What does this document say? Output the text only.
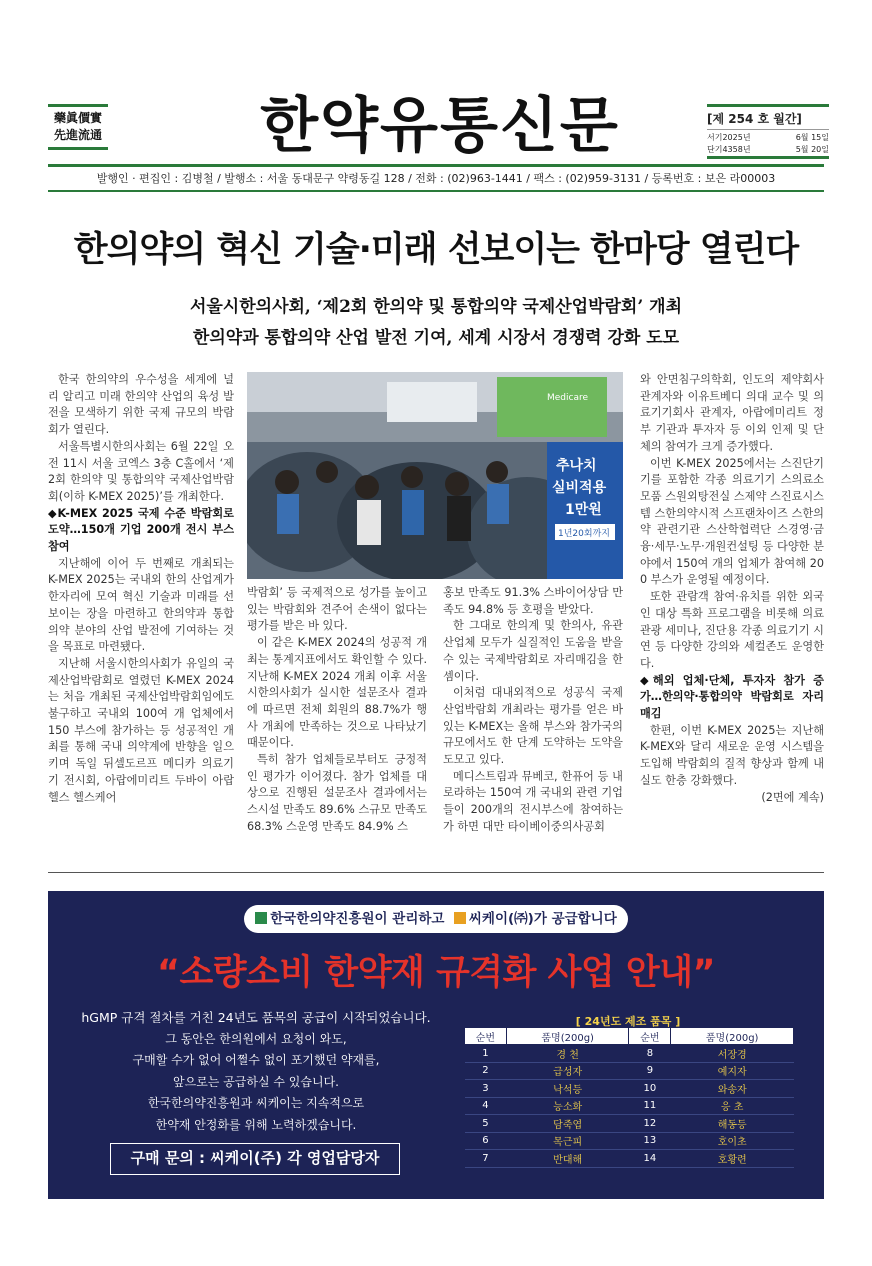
藥眞價實
先進流通	한약유통신문	[제 254 호 월간]
서기2025년	6월 15일
단기4358년	5월 20일
발행인 · 편집인 : 김병철 / 발행소 : 서울 동대문구 약령동길 128 / 전화 : (02)963-1441 / 팩스 : (02)959-3131 / 등록번호 : 보은 라00003
한의약의 혁신 기술·미래 선보이는 한마당 열린다
서울시한의사회, ‘제2회 한의약 및 통합의약 국제산업박람회’ 개최
한의약과 통합의약 산업 발전 기여, 세계 시장서 경쟁력 강화 도모

한국 한의약의 우수성을 세계에 널리 알리고 미래 한의약 산업의 육성 발전을 모색하기 위한 국제 규모의 박람회가 열린다.

서울특별시한의사회는 6월 22일 오전 11시 서울 코엑스 3층 C홀에서 ‘제2회 한의약 및 통합의약 국제산업박람회(이하 K-MEX 2025)’를 개최한다.

◆K-MEX 2025 국제 수준 박람회로 도약…150개 기업 200개 전시 부스 참여

지난해에 이어 두 번째로 개최되는 K-MEX 2025는 국내외 한의 산업계가 한자리에 모여 혁신 기술과 미래를 선보이는 장을 마련하고 한의약과 통합의약 분야의 산업 발전에 기여하는 것을 목표로 마련됐다.

지난해 서울시한의사회가 유일의 국제산업박람회로 열렸던 K-MEX 2024는 처음 개최된 국제산업박람회임에도 불구하고 국내외 100여 개 업체에서 150 부스에 참가하는 등 성공적인 개최를 통해 국내 의약계에 반향을 일으키며 독일 뒤셀도르프 메디카 의료기기 전시회, 아랍에미리트 두바이 아랍헬스 헬스케어

Medicare
추나치
실비적용
1만원
1년20회까지

박람회’ 등 국제적으로 성가를 높이고 있는 박람회와 견주어 손색이 없다는 평가를 받은 바 있다.

이 같은 K-MEX 2024의 성공적 개최는 통계지표에서도 확인할 수 있다. 지난해 K-MEX 2024 개최 이후 서울시한의사회가 실시한 설문조사 결과에 따르면 전체 회원의 88.7%가 행사 개최에 만족하는 것으로 나타났기 때문이다.

특히 참가 업체들로부터도 긍정적인 평가가 이어졌다. 참가 업체를 대상으로 진행된 설문조사 결과에서는 스시설 만족도 89.6% 스규모 만족도 68.3% 스운영 만족도 84.9% 스

홍보 만족도 91.3% 스바이어상담 만족도 94.8% 등 호평을 받았다.

한 그대로 한의계 및 한의사, 유관 산업체 모두가 실질적인 도움을 받을 수 있는 국제박람회로 자리매김을 한 셈이다.

이처럼 대내외적으로 성공식 국제산업박람회 개최라는 평가를 얻은 바 있는 K-MEX는 올해 부스와 참가국의 규모에서도 한 단계 도약하는 도약을 도모고 있다.

메디스트림과 뮤베코, 한퓨어 등 내로라하는 150여 개 국내외 관련 기업들이 200개의 전시부스에 참여하는가 하면 대만 타이베이중의사공회

와 안면침구의학회, 인도의 제약회사 관계자와 이유트베디 의대 교수 및 의료기기회사 관계자, 아랍에미리트 정부 기관과 투자자 등 이외 인제 및 단체의 참여가 크게 증가했다.

이번 K-MEX 2025에서는 스진단기기를 포함한 각종 의료기기 스의료소모품 스원외탕전실 스제약 스진료시스템 스한의약시적 스프랜차이즈 스한의약 관련기관 스산학협력단 스경영·금융·세무·노무·개원컨설팅 등 다양한 분야에서 150여 개의 업체가 참여해 200 부스가 운영될 예정이다.

또한 관람객 참여·유치를 위한 외국인 대상 특화 프로그램을 비롯해 의료관광 세미나, 진단용 각종 의료기기 시연 등 다양한 강의와 세컬존도 운영한다.

◆해외 업체·단체, 투자자 참가 증가…한의약·통합의약 박람회로 자리매김

한편, 이번 K-MEX 2025는 지난해 K-MEX와 달리 새로운 운영 시스템을 도입해 박람회의 질적 향상과 함께 내실도 한층 강화했다.

(2면에 계속)

한국한의약진흥원이 관리하고 씨케이(㈜)가 공급합니다
“소량소비 한약재 규격화 사업 안내”
hGMP 규격 절차를 거친 24년도 품목의 공급이 시작되었습니다.
그 동안은 한의원에서 요청이 와도,
구매할 수가 없어 어쩔수 없이 포기했던 약재를,
앞으로는 공급하실 수 있습니다.
한국한의약진흥원과 씨케이는 지속적으로
한약재 안정화를 위해 노력하겠습니다.
구매 문의 : 씨케이(주) 각 영업담당자
[ 24년도 제조 품목 ]
순번	품명(200g)	순번	품명(200g)
1	경 천	8	서장경
2	급성자	9	예지자
3	낙석등	10	와송자
4	능소화	11	응 초
5	담죽엽	12	해동등
6	목근피	13	호이초
7	반대해	14	호황련
